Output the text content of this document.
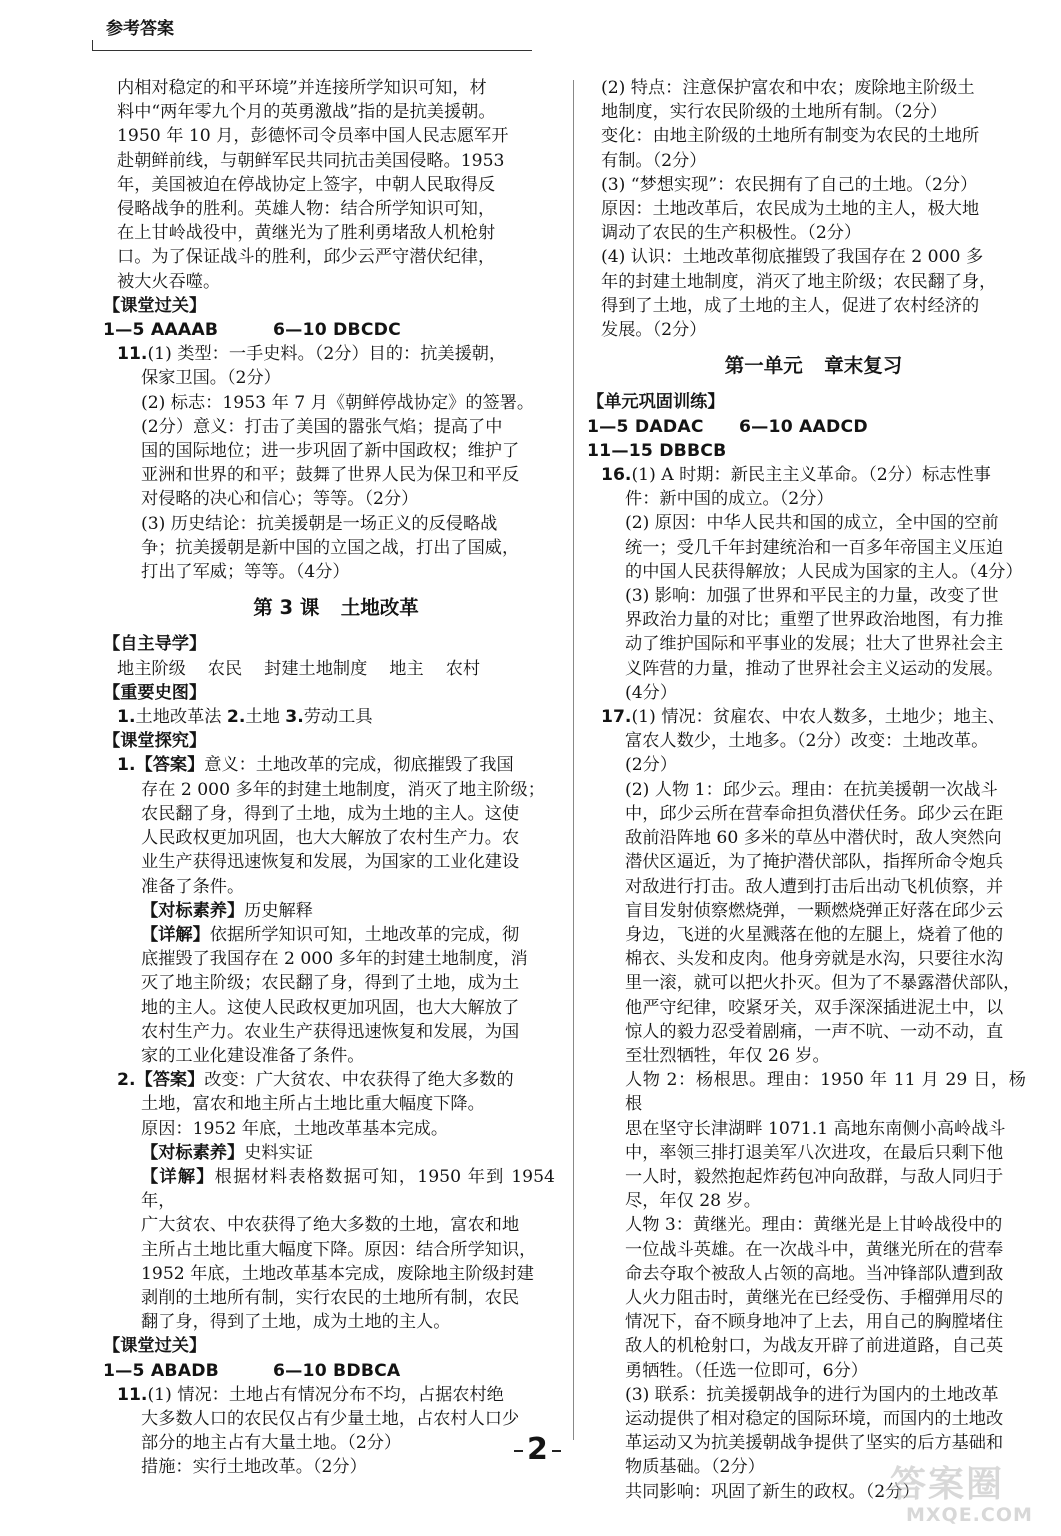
参考答案
内相对稳定的和平环境”并连接所学知识可知，材
料中“两年零九个月的英勇激战”指的是抗美援朝。
1950 年 10 月，彭德怀司令员率中国人民志愿军开
赴朝鲜前线，与朝鲜军民共同抗击美国侵略。1953
年，美国被迫在停战协定上签字，中朝人民取得反
侵略战争的胜利。英雄人物：结合所学知识可知，
在上甘岭战役中，黄继光为了胜利勇堵敌人机枪射
口。为了保证战斗的胜利，邱少云严守潜伏纪律，
被大火吞噬。
【课堂过关】
1—5 AAAAB	6—10 DBCDC
11.(1) 类型：一手史料。（2分）目的：抗美援朝，
保家卫国。（2分）
(2) 标志：1953 年 7 月《朝鲜停战协定》的签署。
(2分）意义：打击了美国的嚣张气焰；提高了中
国的国际地位；进一步巩固了新中国政权；维护了
亚洲和世界的和平；鼓舞了世界人民为保卫和平反
对侵略的决心和信心；等等。（2分）
(3) 历史结论：抗美援朝是一场正义的反侵略战
争；抗美援朝是新中国的立国之战，打出了国威，
打出了军威；等等。（4分）
第 3 课 土地改革
【自主导学】
地主阶级 农民 封建土地制度 地主 农村
【重要史图】
1.土地改革法 2.土地 3.劳动工具
【课堂探究】
1.【答案】意义：土地改革的完成，彻底摧毁了我国
存在 2 000 多年的封建土地制度，消灭了地主阶级；
农民翻了身，得到了土地，成为土地的主人。这使
人民政权更加巩固，也大大解放了农村生产力。农
业生产获得迅速恢复和发展，为国家的工业化建设
准备了条件。
【对标素养】历史解释
【详解】依据所学知识可知，土地改革的完成，彻
底摧毁了我国存在 2 000 多年的封建土地制度，消
灭了地主阶级；农民翻了身，得到了土地，成为土
地的主人。这使人民政权更加巩固，也大大解放了
农村生产力。农业生产获得迅速恢复和发展，为国
家的工业化建设准备了条件。
2.【答案】改变：广大贫农、中农获得了绝大多数的
土地，富农和地主所占土地比重大幅度下降。
原因：1952 年底，土地改革基本完成。
【对标素养】史料实证
【详解】根据材料表格数据可知，1950 年到 1954 年，
广大贫农、中农获得了绝大多数的土地，富农和地
主所占土地比重大幅度下降。原因：结合所学知识，
1952 年底，土地改革基本完成，废除地主阶级封建
剥削的土地所有制，实行农民的土地所有制，农民
翻了身，得到了土地，成为土地的主人。
【课堂过关】
1—5 ABADB	6—10 BDBCA
11.(1) 情况：土地占有情况分布不均，占据农村绝
大多数人口的农民仅占有少量土地，占农村人口少
部分的地主占有大量土地。（2分）
措施：实行土地改革。（2分）
(2) 特点：注意保护富农和中农；废除地主阶级土
地制度，实行农民阶级的土地所有制。（2分）
变化：由地主阶级的土地所有制变为农民的土地所
有制。（2分）
(3) “梦想实现”：农民拥有了自己的土地。（2分）
原因：土地改革后，农民成为土地的主人，极大地
调动了农民的生产积极性。（2分）
(4) 认识：土地改革彻底摧毁了我国存在 2 000 多
年的封建土地制度，消灭了地主阶级；农民翻了身，
得到了土地，成了土地的主人，促进了农村经济的
发展。（2分）
第一单元 章末复习
【单元巩固训练】
1—5 DADAC 6—10 AADCD11—15 DBBCB
16.(1) A 时期：新民主主义革命。（2分）标志性事
件：新中国的成立。（2分）
(2) 原因：中华人民共和国的成立，全中国的空前
统一；受几千年封建统治和一百多年帝国主义压迫
的中国人民获得解放；人民成为国家的主人。（4分）
(3) 影响：加强了世界和平民主的力量，改变了世
界政治力量的对比；重塑了世界政治地图，有力推
动了维护国际和平事业的发展；壮大了世界社会主
义阵营的力量，推动了世界社会主义运动的发展。
(4分）
17.(1) 情况：贫雇农、中农人数多，土地少；地主、
富农人数少，土地多。（2分）改变：土地改革。
(2分）
(2) 人物 1：邱少云。理由：在抗美援朝一次战斗
中，邱少云所在营奉命担负潜伏任务。邱少云在距
敌前沿阵地 60 多米的草丛中潜伏时，敌人突然向
潜伏区逼近，为了掩护潜伏部队，指挥所命令炮兵
对敌进行打击。敌人遭到打击后出动飞机侦察，并
盲目发射侦察燃烧弹，一颗燃烧弹正好落在邱少云
身边，飞迸的火星溅落在他的左腿上，烧着了他的
棉衣、头发和皮肉。他身旁就是水沟，只要往水沟
里一滚，就可以把火扑灭。但为了不暴露潜伏部队，
他严守纪律，咬紧牙关，双手深深插进泥土中，以
惊人的毅力忍受着剧痛，一声不吭、一动不动，直
至壮烈牺牲，年仅 26 岁。
人物 2：杨根思。理由：1950 年 11 月 29 日，杨根
思在坚守长津湖畔 1071.1 高地东南侧小高岭战斗
中，率领三排打退美军八次进攻，在最后只剩下他
一人时，毅然抱起炸药包冲向敌群，与敌人同归于
尽，年仅 28 岁。
人物 3：黄继光。理由：黄继光是上甘岭战役中的
一位战斗英雄。在一次战斗中，黄继光所在的营奉
命去夺取个被敌人占领的高地。当冲锋部队遭到敌
人火力阻击时，黄继光在已经受伤、手榴弹用尽的
情况下，奋不顾身地冲了上去，用自己的胸膛堵住
敌人的机枪射口，为战友开辟了前进道路，自己英
勇牺牲。（任选一位即可，6分）
(3) 联系：抗美援朝战争的进行为国内的土地改革
运动提供了相对稳定的国际环境，而国内的土地改
革运动又为抗美援朝战争提供了坚实的后方基础和
物质基础。（2分）
共同影响：巩固了新生的政权。（2分）
2
答案圈
MXQE.COM
